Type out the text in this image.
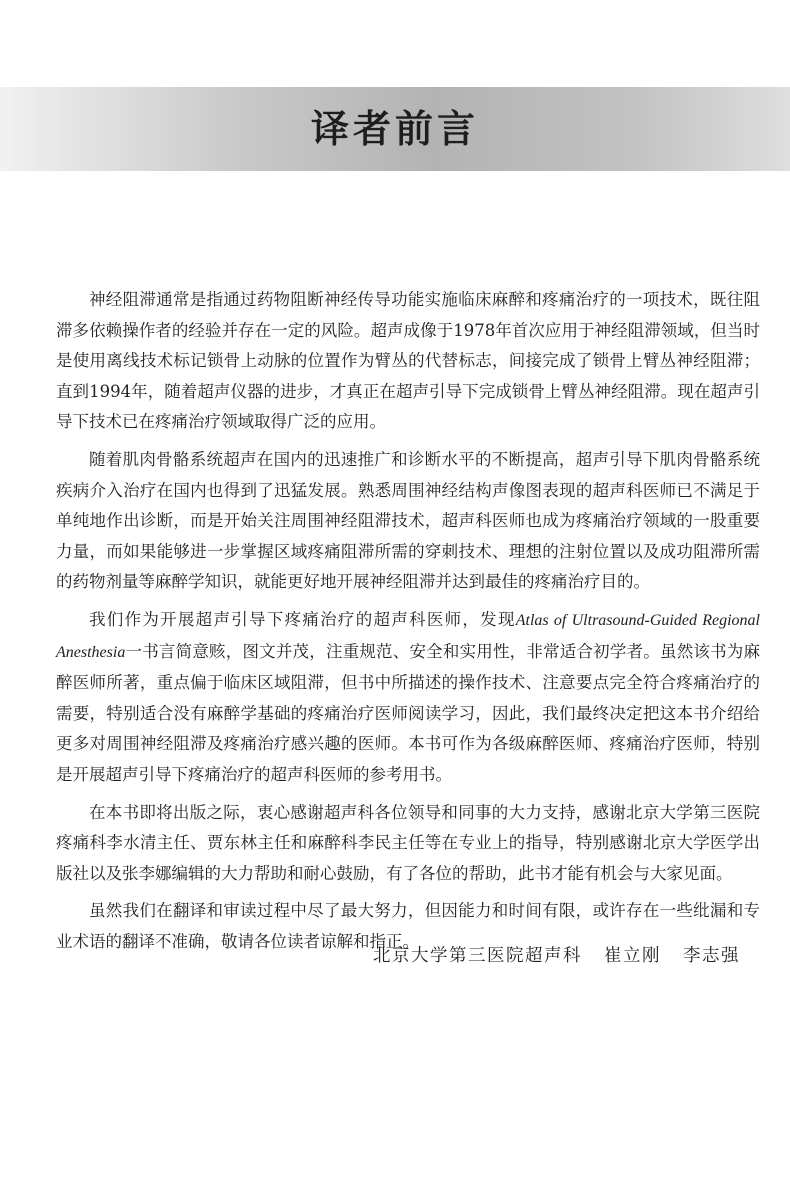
译者前言

神经阻滞通常是指通过药物阻断神经传导功能实施临床麻醉和疼痛治疗的一项技术，既往阻滞多依赖操作者的经验并存在一定的风险。超声成像于1978年首次应用于神经阻滞领域，但当时是使用离线技术标记锁骨上动脉的位置作为臂丛的代替标志，间接完成了锁骨上臂丛神经阻滞；直到1994年，随着超声仪器的进步，才真正在超声引导下完成锁骨上臂丛神经阻滞。现在超声引导下技术已在疼痛治疗领域取得广泛的应用。

随着肌肉骨骼系统超声在国内的迅速推广和诊断水平的不断提高，超声引导下肌肉骨骼系统疾病介入治疗在国内也得到了迅猛发展。熟悉周围神经结构声像图表现的超声科医师已不满足于单纯地作出诊断，而是开始关注周围神经阻滞技术，超声科医师也成为疼痛治疗领域的一股重要力量，而如果能够进一步掌握区域疼痛阻滞所需的穿刺技术、理想的注射位置以及成功阻滞所需的药物剂量等麻醉学知识，就能更好地开展神经阻滞并达到最佳的疼痛治疗目的。

我们作为开展超声引导下疼痛治疗的超声科医师，发现Atlas of Ultrasound-Guided Regional Anesthesia一书言简意赅，图文并茂，注重规范、安全和实用性，非常适合初学者。虽然该书为麻醉医师所著，重点偏于临床区域阻滞，但书中所描述的操作技术、注意要点完全符合疼痛治疗的需要，特别适合没有麻醉学基础的疼痛治疗医师阅读学习，因此，我们最终决定把这本书介绍给更多对周围神经阻滞及疼痛治疗感兴趣的医师。本书可作为各级麻醉医师、疼痛治疗医师，特别是开展超声引导下疼痛治疗的超声科医师的参考用书。

在本书即将出版之际，衷心感谢超声科各位领导和同事的大力支持，感谢北京大学第三医院疼痛科李水清主任、贾东林主任和麻醉科李民主任等在专业上的指导，特别感谢北京大学医学出版社以及张李娜编辑的大力帮助和耐心鼓励，有了各位的帮助，此书才能有机会与大家见面。

虽然我们在翻译和审读过程中尽了最大努力，但因能力和时间有限，或许存在一些纰漏和专业术语的翻译不准确，敬请各位读者谅解和指正。

北京大学第三医院超声科 崔立刚 李志强
